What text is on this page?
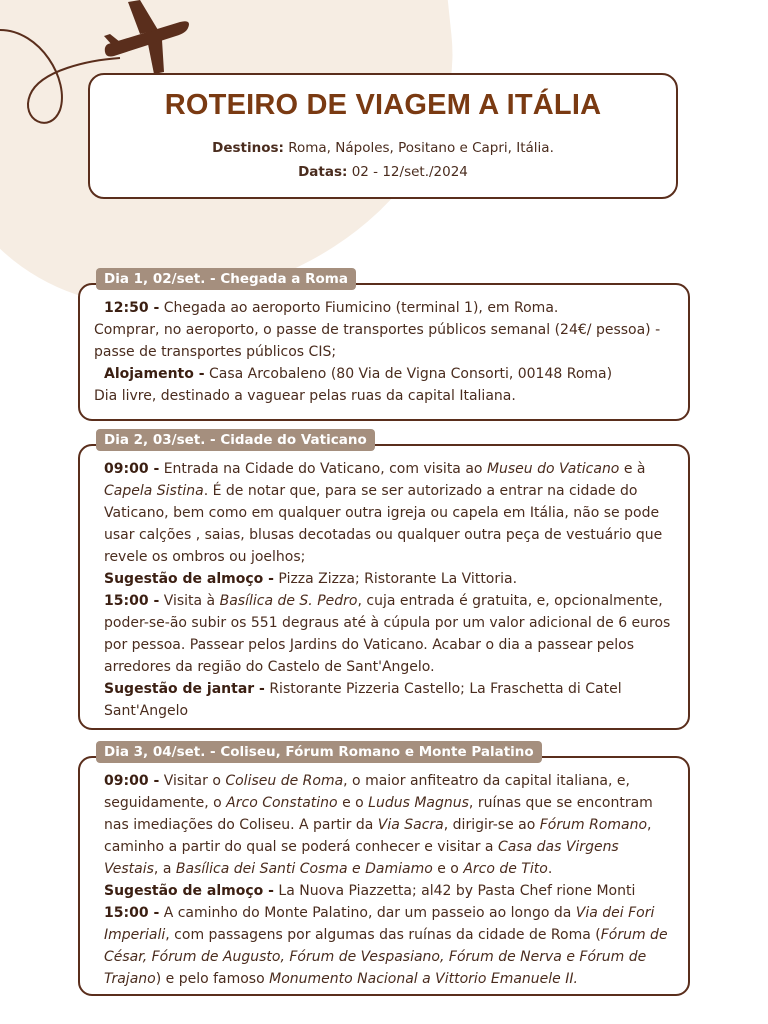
ROTEIRO DE VIAGEM A ITÁLIA
Destinos: Roma, Nápoles, Positano e Capri, Itália.
Datas: 02 - 12/set./2024
12:50 - Chegada ao aeroporto Fiumicino (terminal 1), em Roma.
Comprar, no aeroporto, o passe de transportes públicos semanal (24€/ pessoa) - passe de transportes públicos CIS;
Alojamento - Casa Arcobaleno (80 Via de Vigna Consorti, 00148 Roma)
Dia livre, destinado a vaguear pelas ruas da capital Italiana.
Dia 1, 02/set. - Chegada a Roma
09:00 - Entrada na Cidade do Vaticano, com visita ao Museu do Vaticano e à Capela Sistina. É de notar que, para se ser autorizado a entrar na cidade do Vaticano, bem como em qualquer outra igreja ou capela em Itália, não se pode usar calções , saias, blusas decotadas ou qualquer outra peça de vestuário que revele os ombros ou joelhos;
Sugestão de almoço - Pizza Zizza; Ristorante La Vittoria.
15:00 - Visita à Basílica de S. Pedro, cuja entrada é gratuita, e, opcionalmente, poder-se-ão subir os 551 degraus até à cúpula por um valor adicional de 6 euros por pessoa. Passear pelos Jardins do Vaticano. Acabar o dia a passear pelos arredores da região do Castelo de Sant'Angelo.
Sugestão de jantar - Ristorante Pizzeria Castello; La Fraschetta di Catel Sant'Angelo
Dia 2, 03/set. - Cidade do Vaticano
09:00 - Visitar o Coliseu de Roma, o maior anfiteatro da capital italiana, e, seguidamente, o Arco Constatino e o Ludus Magnus, ruínas que se encontram nas imediações do Coliseu. A partir da Via Sacra, dirigir-se ao Fórum Romano, caminho a partir do qual se poderá conhecer e visitar a Casa das Virgens Vestais, a Basílica dei Santi Cosma e Damiamo e o Arco de Tito.
Sugestão de almoço - La Nuova Piazzetta; al42 by Pasta Chef rione Monti
15:00 - A caminho do Monte Palatino, dar um passeio ao longo da Via dei Fori Imperiali, com passagens por algumas das ruínas da cidade de Roma (Fórum de César, Fórum de Augusto, Fórum de Vespasiano, Fórum de Nerva e Fórum de Trajano) e pelo famoso Monumento Nacional a Vittorio Emanuele II.
Dia 3, 04/set. - Coliseu, Fórum Romano e Monte Palatino
